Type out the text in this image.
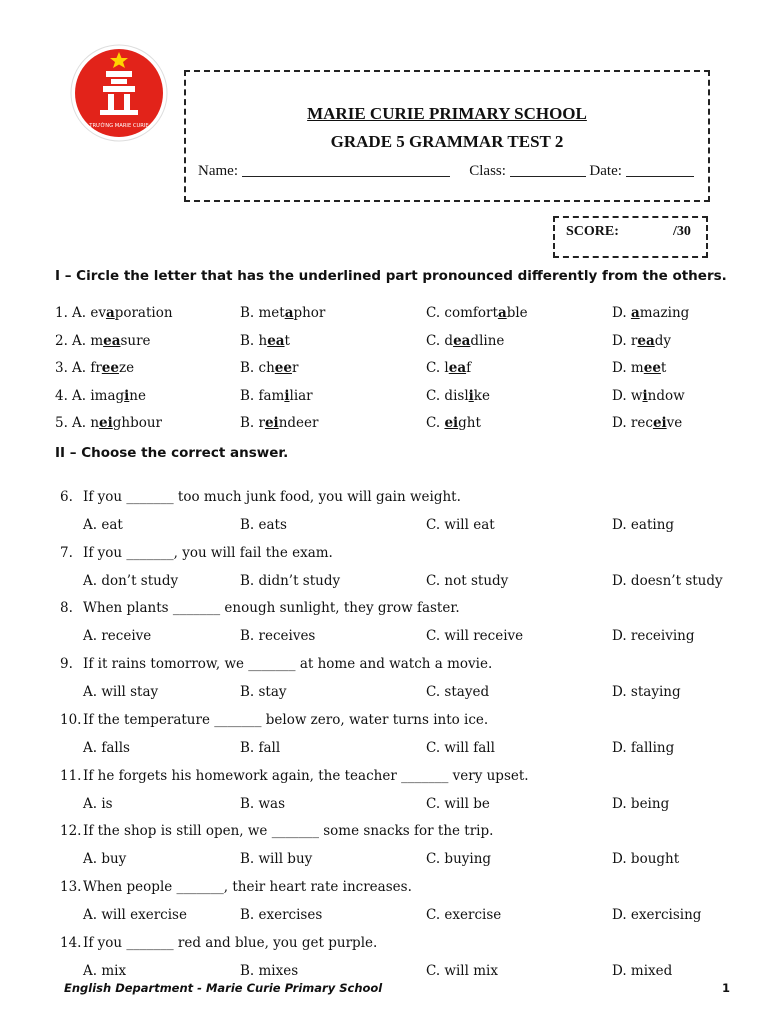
TRƯỜNG MARIE CURIE
MARIE CURIE PRIMARY SCHOOL
GRADE 5 GRAMMAR TEST 2
Name:	Class:	Date:
SCORE:	/30
I – Circle the letter that has the underlined part pronounced differently from the others.
1. A. evaporation	B. metaphor	C. comfortable	D. amazing
2. A. measure	B. heat	C. deadline	D. ready
3. A. freeze	B. cheer	C. leaf	D. meet
4. A. imagine	B. familiar	C. dislike	D. window
5. A. neighbour	B. reindeer	C. eight	D. receive
II – Choose the correct answer.
6. If you _______ too much junk food, you will gain weight.
A. eat	B. eats	C. will eat	D. eating
7. If you _______, you will fail the exam.
A. don’t study	B. didn’t study	C. not study	D. doesn’t study
8. When plants _______ enough sunlight, they grow faster.
A. receive	B. receives	C. will receive	D. receiving
9. If it rains tomorrow, we _______ at home and watch a movie.
A. will stay	B. stay	C. stayed	D. staying
10. If the temperature _______ below zero, water turns into ice.
A. falls	B. fall	C. will fall	D. falling
11. If he forgets his homework again, the teacher _______ very upset.
A. is	B. was	C. will be	D. being
12. If the shop is still open, we _______ some snacks for the trip.
A. buy	B. will buy	C. buying	D. bought
13. When people _______, their heart rate increases.
A. will exercise	B. exercises	C. exercise	D. exercising
14. If you _______ red and blue, you get purple.
A. mix	B. mixes	C. will mix	D. mixed
English Department - Marie Curie Primary School	1
